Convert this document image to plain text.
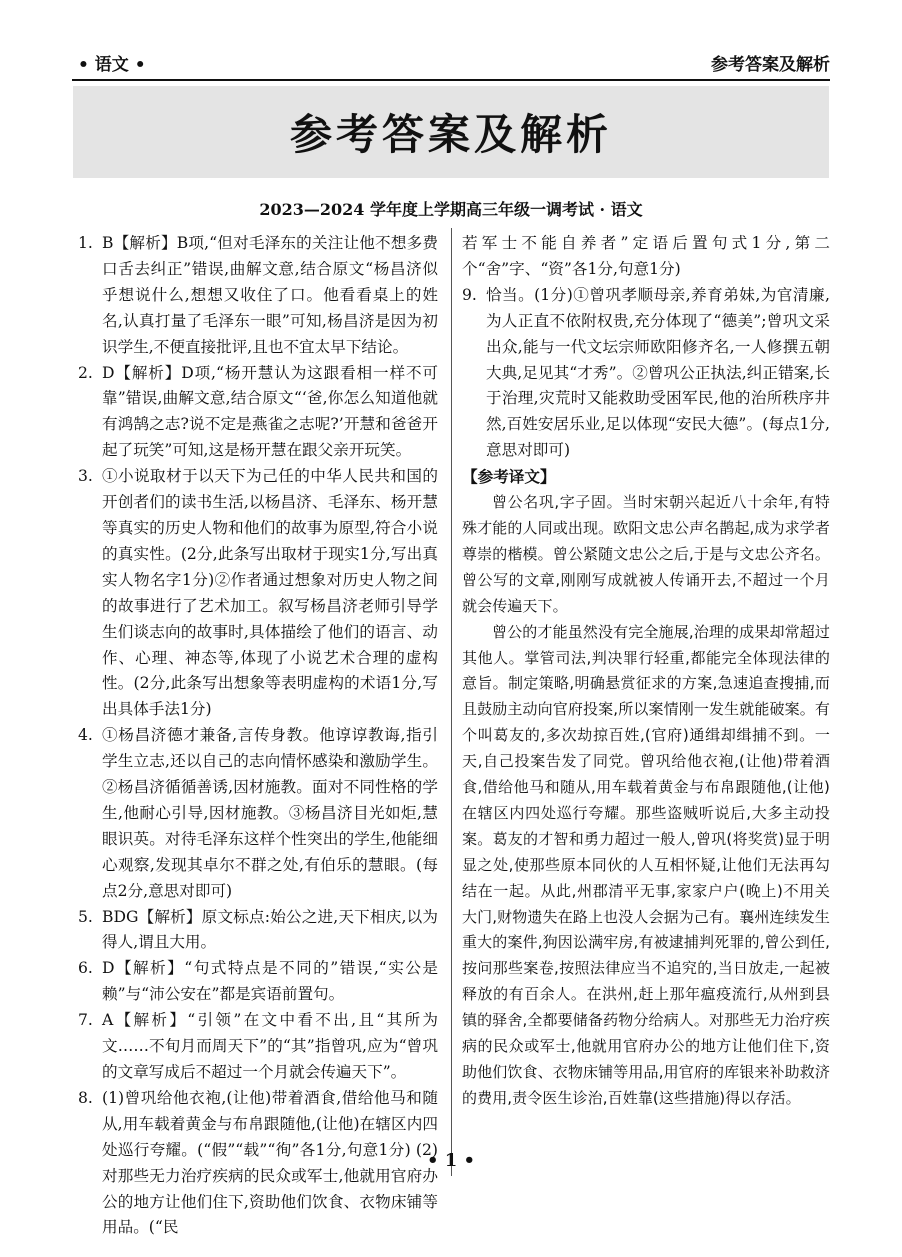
• 语文 •	参考答案及解析
参考答案及解析
2023—2024 学年度上学期高三年级一调考试 · 语文

1. B【解析】B项,“但对毛泽东的关注让他不想多费口舌去纠正”错误,曲解文意,结合原文“杨昌济似乎想说什么,想想又收住了口。他看看桌上的姓名,认真打量了毛泽东一眼”可知,杨昌济是因为初识学生,不便直接批评,且也不宜太早下结论。

2. D【解析】D项,“杨开慧认为这跟看相一样不可靠”错误,曲解文意,结合原文“‘爸,你怎么知道他就有鸿鹄之志?说不定是燕雀之志呢?’开慧和爸爸开起了玩笑”可知,这是杨开慧在跟父亲开玩笑。

3. ①小说取材于以天下为己任的中华人民共和国的开创者们的读书生活,以杨昌济、毛泽东、杨开慧等真实的历史人物和他们的故事为原型,符合小说的真实性。(2分,此条写出取材于现实1分,写出真实人物名字1分)②作者通过想象对历史人物之间的故事进行了艺术加工。叙写杨昌济老师引导学生们谈志向的故事时,具体描绘了他们的语言、动作、心理、神态等,体现了小说艺术合理的虚构性。(2分,此条写出想象等表明虚构的术语1分,写出具体手法1分)

4. ①杨昌济德才兼备,言传身教。他谆谆教诲,指引学生立志,还以自己的志向情怀感染和激励学生。②杨昌济循循善诱,因材施教。面对不同性格的学生,他耐心引导,因材施教。③杨昌济目光如炬,慧眼识英。对待毛泽东这样个性突出的学生,他能细心观察,发现其卓尔不群之处,有伯乐的慧眼。(每点2分,意思对即可)

5. BDG【解析】原文标点:始公之进,天下相庆,以为得人,谓且大用。

6. D【解析】“句式特点是不同的”错误,“实公是赖”与“沛公安在”都是宾语前置句。

7. A【解析】“引领”在文中看不出,且“其所为文……不旬月而周天下”的“其”指曾巩,应为“曾巩的文章写成后不超过一个月就会传遍天下”。

8. (1)曾巩给他衣袍,(让他)带着酒食,借给他马和随从,用车载着黄金与布帛跟随他,(让他)在辖区内四处巡行夸耀。(“假”“载”“徇”各1分,句意1分) (2)对那些无力治疗疾病的民众或军士,他就用官府办公的地方让他们住下,资助他们饮食、衣物床铺等用品。(“民

若军士不能自养者”定语后置句式1分,第二个“舍”字、“资”各1分,句意1分)

9. 恰当。(1分)①曾巩孝顺母亲,养育弟妹,为官清廉,为人正直不依附权贵,充分体现了“德美”;曾巩文采出众,能与一代文坛宗师欧阳修齐名,一人修撰五朝大典,足见其“才秀”。②曾巩公正执法,纠正错案,长于治理,灾荒时又能救助受困军民,他的治所秩序井然,百姓安居乐业,足以体现“安民大德”。(每点1分,意思对即可)

【参考译文】

曾公名巩,字子固。当时宋朝兴起近八十余年,有特殊才能的人同或出现。欧阳文忠公声名鹊起,成为求学者尊崇的楷模。曾公紧随文忠公之后,于是与文忠公齐名。曾公写的文章,刚刚写成就被人传诵开去,不超过一个月就会传遍天下。

曾公的才能虽然没有完全施展,治理的成果却常超过其他人。掌管司法,判决罪行轻重,都能完全体现法律的意旨。制定策略,明确悬赏征求的方案,急速追查搜捕,而且鼓励主动向官府投案,所以案情刚一发生就能破案。有个叫葛友的,多次劫掠百姓,(官府)通缉却缉捕不到。一天,自己投案告发了同党。曾巩给他衣袍,(让他)带着酒食,借给他马和随从,用车载着黄金与布帛跟随他,(让他)在辖区内四处巡行夸耀。那些盗贼听说后,大多主动投案。葛友的才智和勇力超过一般人,曾巩(将奖赏)显于明显之处,使那些原本同伙的人互相怀疑,让他们无法再勾结在一起。从此,州郡清平无事,家家户户(晚上)不用关大门,财物遗失在路上也没人会据为己有。襄州连续发生重大的案件,狗因讼满牢房,有被逮捕判死罪的,曾公到任,按问那些案卷,按照法律应当不追究的,当日放走,一起被释放的有百余人。在洪州,赶上那年瘟疫流行,从州到县镇的驿舍,全都要储备药物分给病人。对那些无力治疗疾病的民众或军士,他就用官府办公的地方让他们住下,资助他们饮食、衣物床铺等用品,用官府的库银来补助救济的费用,责令医生诊治,百姓靠(这些措施)得以存活。

• 1 •
